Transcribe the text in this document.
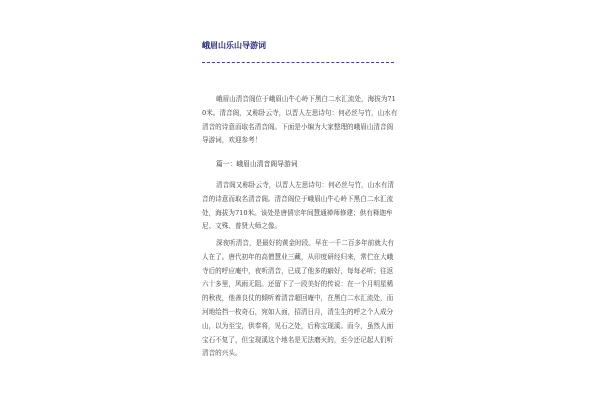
峨眉山乐山导游词

峨眉山清音阁位于峨眉山牛心岭下黑白二水汇流处，海拔为710米。清音阁，又称卧云寺，以晋人左思诗句：何必丝与竹，山水有清音的诗意而取名清音阁。下面是小编为大家整理的峨眉山清音阁导游词，欢迎参考！

篇一：峨眉山清音阁导游词

清音阁又称卧云寺，以晋人左思诗句：何必丝与竹，山水有清音的诗意而取名清音阁。清音阁位于峨眉山牛心岭下黑白二水汇流处，海拔为710米。该处是唐僖宗年间慧通禅师修建；供有释迦牟尼、文殊、普贤大师之像。

深夜听清音，是最好的黄金时段。早在一千二百多年前就大有人在了。唐代初年的高僧慧业三藏，从印度研经归来，常伫在大峨寺后的呼应庵中，夜听清音，已成了他多的癖好，每每必听；往返六十多里，风雨无阻。还留下了一段美好的传说：在一个月明星稀的秋夜，他善良仗的倾听着清音超回庵中，在黑白二水汇流处，而河地给挡一枚奇石，宛如人面，招清日月，清生生的呼之个人成分山，以为至宝，供奉将，见石之处，后称宝现溪。而今，虽然人面宝石不复了，但宝现溪这个地名是无法磨灭的，至今还记起人们听清音的兴头。
